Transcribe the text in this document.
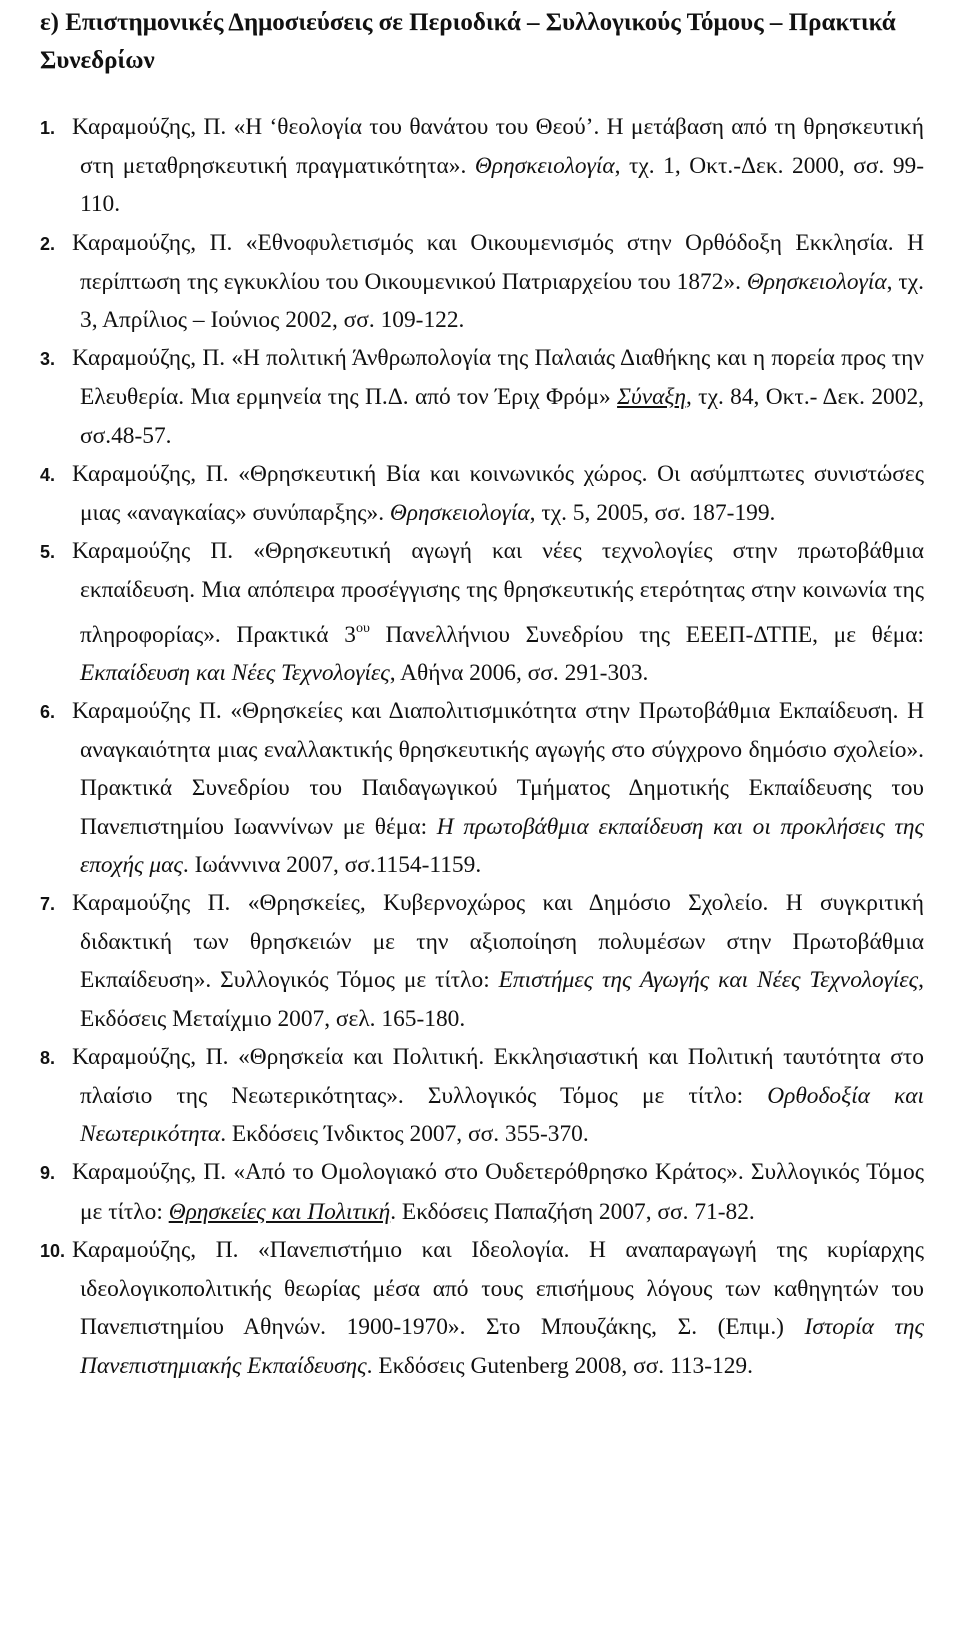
ε) Επιστημονικές Δημοσιεύσεις σε Περιοδικά – Συλλογικούς Τόμους – Πρακτικά Συνεδρίων
1. Καραμούζης, Π. «Η ‘θεολογία του θανάτου του Θεού’. Η μετάβαση από τη θρησκευτική στη μεταθρησκευτική πραγματικότητα». Θρησκειολογία, τχ. 1, Οκτ.-Δεκ. 2000, σσ. 99-110.
2. Καραμούζης, Π. «Εθνοφυλετισμός και Οικουμενισμός στην Ορθόδοξη Εκκλησία. Η περίπτωση της εγκυκλίου του Οικουμενικού Πατριαρχείου του 1872». Θρησκειολογία, τχ. 3, Απρίλιος – Ιούνιος 2002, σσ. 109-122.
3. Καραμούζης, Π. «Η πολιτική Άνθρωπολογία της Παλαιάς Διαθήκης και η πορεία προς την Ελευθερία. Μια ερμηνεία της Π.Δ. από τον Έριχ Φρόμ» Σύναξη, τχ. 84, Οκτ.- Δεκ. 2002, σσ.48-57.
4. Καραμούζης, Π. «Θρησκευτική Βία και κοινωνικός χώρος. Οι ασύμπτωτες συνιστώσες μιας «αναγκαίας» συνύπαρξης». Θρησκειολογία, τχ. 5, 2005, σσ. 187-199.
5. Καραμούζης Π. «Θρησκευτική αγωγή και νέες τεχνολογίες στην πρωτοβάθμια εκπαίδευση. Μια απόπειρα προσέγγισης της θρησκευτικής ετερότητας στην κοινωνία της πληροφορίας». Πρακτικά $3^{o\upsilon}$ Πανελλήνιου Συνεδρίου της ΕΕΕΠ-ΔΤΠΕ, με θέμα: Εκπαίδευση και Νέες Τεχνολογίες, Αθήνα 2006, σσ. 291-303.
6. Καραμούζης Π. «Θρησκείες και Διαπολιτισμικότητα στην Πρωτοβάθμια Εκπαίδευση. Η αναγκαιότητα μιας εναλλακτικής θρησκευτικής αγωγής στο σύγχρονο δημόσιο σχολείο». Πρακτικά Συνεδρίου του Παιδαγωγικού Τμήματος Δημοτικής Εκπαίδευσης του Πανεπιστημίου Ιωαννίνων με θέμα: Η πρωτοβάθμια εκπαίδευση και οι προκλήσεις της εποχής μας. Ιωάννινα 2007, σσ.1154-1159.
7. Καραμούζης Π. «Θρησκείες, Κυβερνοχώρος και Δημόσιο Σχολείο. Η συγκριτική διδακτική των θρησκειών με την αξιοποίηση πολυμέσων στην Πρωτοβάθμια Εκπαίδευση». Συλλογικός Τόμος με τίτλο: Επιστήμες της Αγωγής και Νέες Τεχνολογίες, Εκδόσεις Μεταίχμιο 2007, σελ. 165-180.
8. Καραμούζης, Π. «Θρησκεία και Πολιτική. Εκκλησιαστική και Πολιτική ταυτότητα στο πλαίσιο της Νεωτερικότητας». Συλλογικός Τόμος με τίτλο: Ορθοδοξία και Νεωτερικότητα. Εκδόσεις Ίνδικτος 2007, σσ. 355-370.
9. Καραμούζης, Π. «Από το Ομολογιακό στο Ουδετερόθρησκο Κράτος». Συλλογικός Τόμος με τίτλο: Θρησκείες και Πολιτική. Εκδόσεις Παπαζήση 2007, σσ. 71-82.
10. Καραμούζης, Π. «Πανεπιστήμιο και Ιδεολογία. Η αναπαραγωγή της κυρίαρχης ιδεολογικοπολιτικής θεωρίας μέσα από τους επισήμους λόγους των καθηγητών του Πανεπιστημίου Αθηνών. 1900-1970». Στο Μπουζάκης, Σ. (Επιμ.) Ιστορία της Πανεπιστημιακής Εκπαίδευσης. Εκδόσεις Gutenberg 2008, σσ. 113-129.
